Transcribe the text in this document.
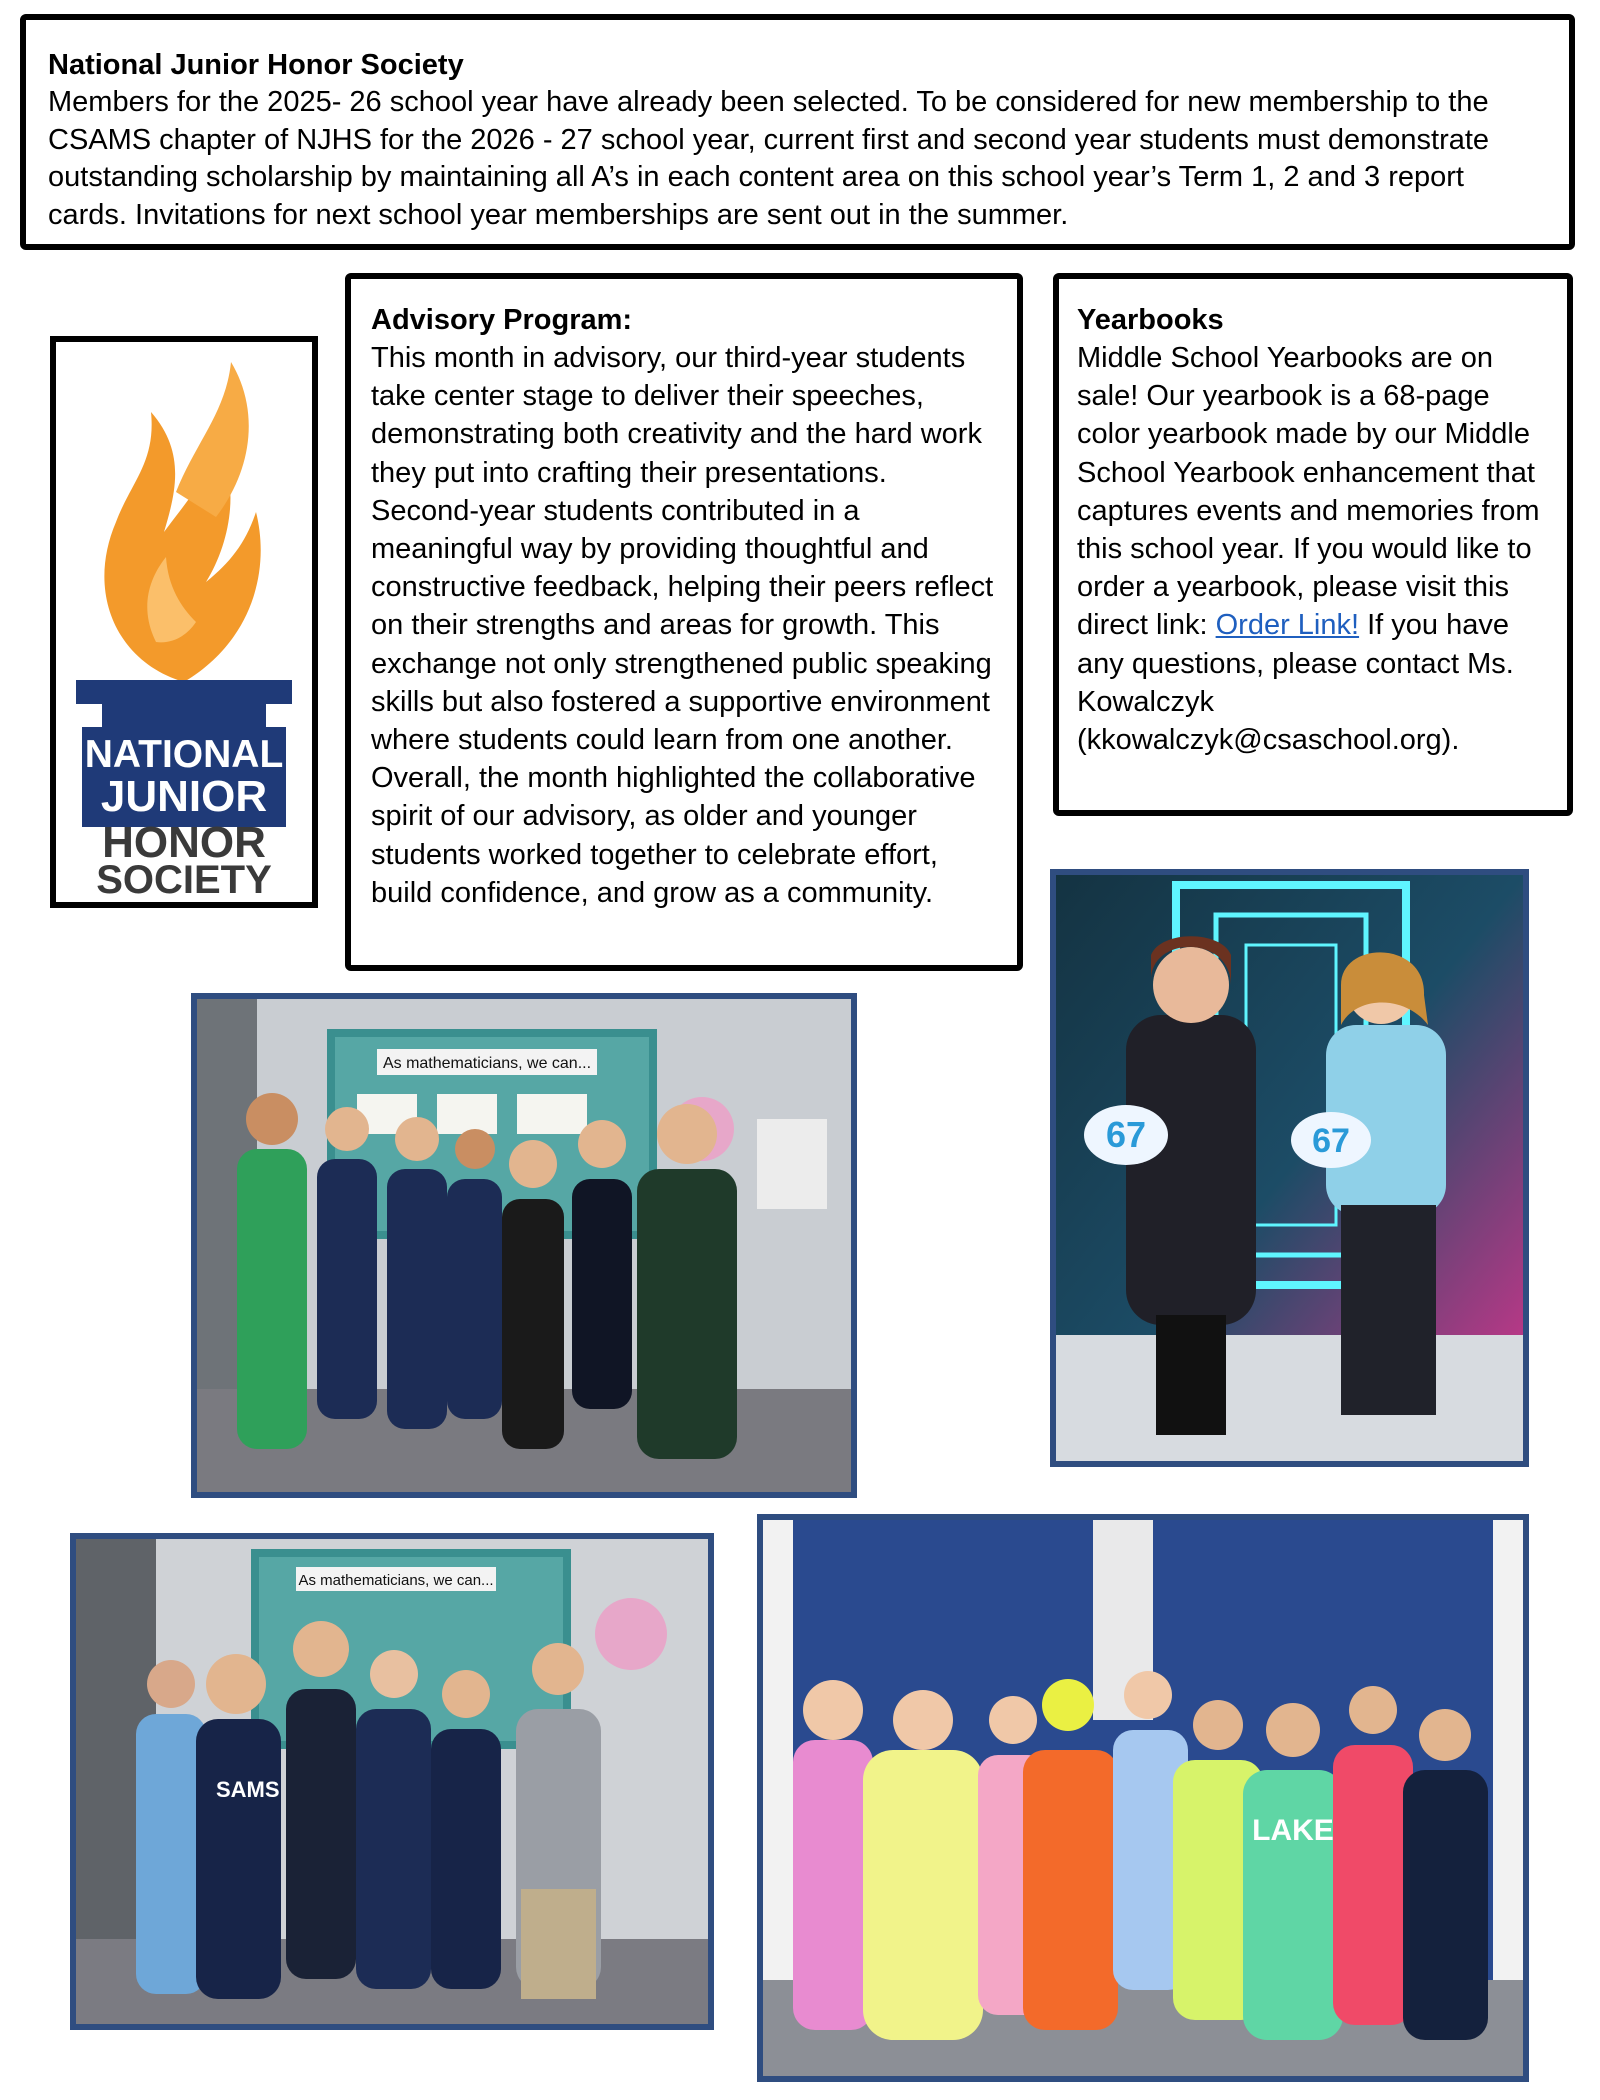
National Junior Honor Society

Members for the 2025- 26 school year have already been selected. To be considered for new membership to the CSAMS chapter of NJHS for the 2026 - 27 school year, current first and second year students must demonstrate outstanding scholarship by maintaining all A’s in each content area on this school year’s Term 1, 2 and 3 report cards. Invitations for next school year memberships are sent out in the summer.

NATIONAL
JUNIOR
HONOR
SOCIETY
Advisory Program:

This month in advisory, our third-year students take center stage to deliver their speeches, demonstrating both creativity and the hard work they put into crafting their presentations. Second-year students contributed in a meaningful way by providing thoughtful and constructive feedback, helping their peers reflect on their strengths and areas for growth. This exchange not only strengthened public speaking skills but also fostered a supportive environment where students could learn from one another. Overall, the month highlighted the collaborative spirit of our advisory, as older and younger students worked together to celebrate effort, build confidence, and grow as a community.

Yearbooks

Middle School Yearbooks are on sale! Our yearbook is a 68-page color yearbook made by our Middle School Yearbook enhancement that captures events and memories from this school year. If you would like to order a yearbook, please visit this direct link: Order Link! If you have any questions, please contact Ms. Kowalczyk (kkowalczyk@csaschool.org).

As mathematicians, we can...
67	67
As mathematicians, we can...
SAMS
LAKE
